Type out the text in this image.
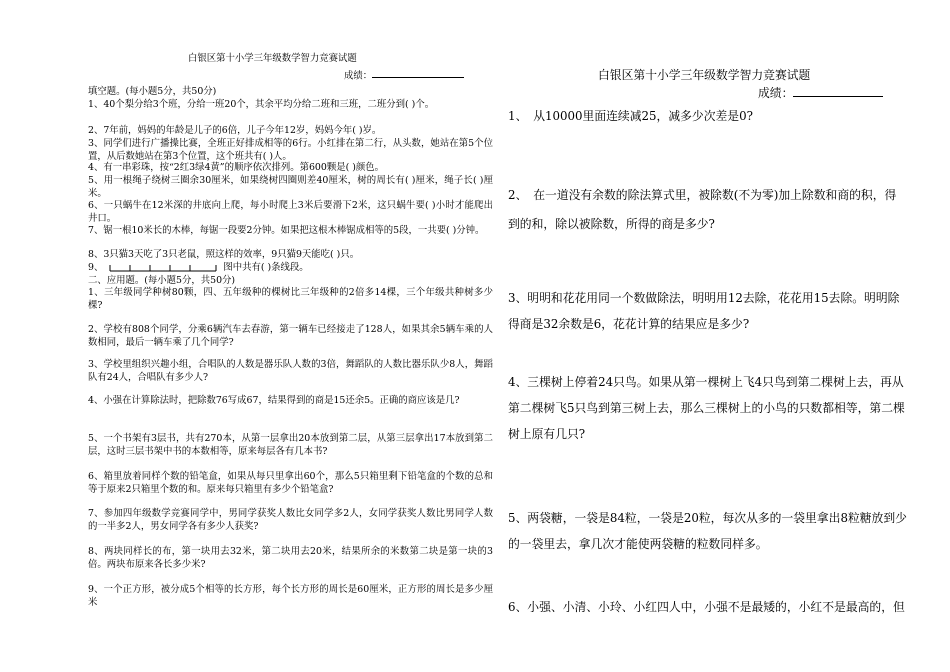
白银区第十小学三年级数学智力竞赛试题
成绩：

填空题。(每小题5分，共50分)

1、40个梨分给3个班，分给一班20个，其余平均分给二班和三班，二班分到( )个。

2、7年前，妈妈的年龄是儿子的6倍，儿子今年12岁，妈妈今年( )岁。

3、同学们进行广播操比赛，全班正好排成相等的6行。小红排在第二行，从头数，她站在第5个位置，从后数她站在第3个位置，这个班共有( )人。

4、有一串彩珠，按“2红3绿4黄”的顺序依次排列。第600颗是( )颜色。

5、用一根绳子绕树三圈余30厘米，如果绕树四圈则差40厘米，树的周长有( )厘米，绳子长( )厘米。

6、一只蜗牛在12米深的井底向上爬，每小时爬上3米后要滑下2米，这只蜗牛要( )小时才能爬出井口。

7、锯一根10米长的木棒，每锯一段要2分钟。如果把这根木棒锯成相等的5段，一共要( )分钟。

8、3只猫3天吃了3只老鼠，照这样的效率，9只猫9天能吃( )只。

9、	图中共有( )条线段。

二、应用题。(每小题5分，共50分)

1、三年级同学种树80颗，四、五年级种的棵树比三年级种的2倍多14棵，三个年级共种树多少棵?

2、学校有808个同学，分乘6辆汽车去春游，第一辆车已经接走了128人，如果其余5辆车乘的人数相同，最后一辆车乘了几个同学?

3、学校里组织兴趣小组，合唱队的人数是器乐队人数的3倍，舞蹈队的人数比器乐队少8人，舞蹈队有24人，合唱队有多少人?

4、小强在计算除法时，把除数76写成67，结果得到的商是15还余5。正确的商应该是几?

5、一个书架有3层书，共有270本，从第一层拿出20本放到第二层，从第三层拿出17本放到第二层，这时三层书架中书的本数相等，原来每层各有几本书?

6、箱里放着同样个数的铅笔盒，如果从每只里拿出60个，那么5只箱里剩下铅笔盒的个数的总和等于原来2只箱里个数的和。原来每只箱里有多少个铅笔盒?

7、参加四年级数学竞赛同学中，男同学获奖人数比女同学多2人，女同学获奖人数比男同学人数的一半多2人，男女同学各有多少人获奖?

8、两块同样长的布，第一块用去32米，第二块用去20米，结果所余的米数第二块是第一块的3倍。两块布原来各长多少米?

9、一个正方形，被分成5个相等的长方形，每个长方形的周长是60厘米，正方形的周长是多少厘米

白银区第十小学三年级数学智力竞赛试题
成绩：

1、　从10000里面连续减25，减多少次差是0?

2、　在一道没有余数的除法算式里，被除数(不为零)加上除数和商的积，得到的和，除以被除数，所得的商是多少?

3、明明和花花用同一个数做除法，明明用12去除，花花用15去除。明明除得商是32余数是6，花花计算的结果应是多少?

4、三棵树上停着24只鸟。如果从第一棵树上飞4只鸟到第二棵树上去，再从第二棵树飞5只鸟到第三树上去，那么三棵树上的小鸟的只数都相等，第二棵树上原有几只?

5、两袋糖，一袋是84粒，一袋是20粒，每次从多的一袋里拿出8粒糖放到少的一袋里去，拿几次才能使两袋糖的粒数同样多。

6、小强、小清、小玲、小红四人中，小强不是最矮的，小红不是最高的，但
